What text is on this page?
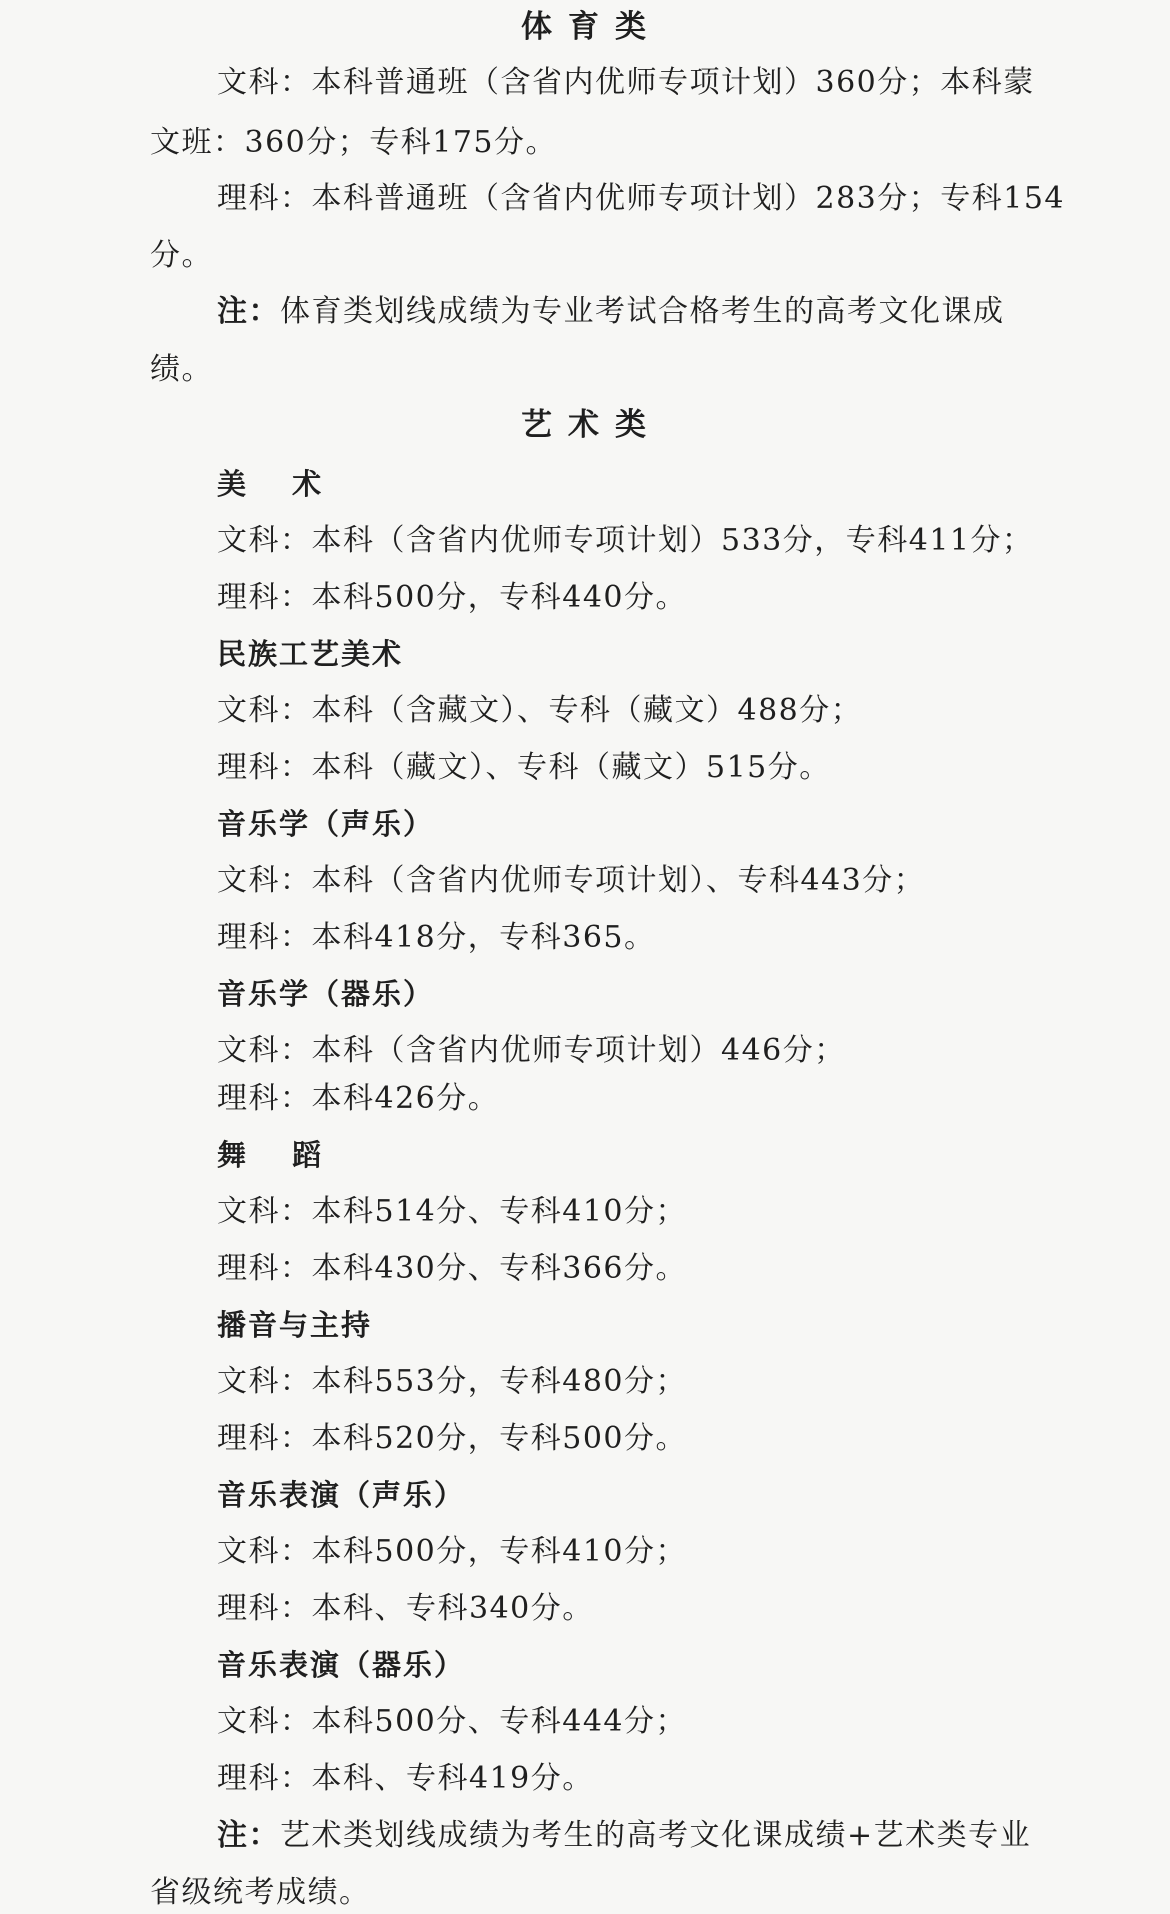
体育类
文科：本科普通班（含省内优师专项计划）360分；本科蒙
文班：360分；专科175分。
理科：本科普通班（含省内优师专项计划）283分；专科154
分。
注：体育类划线成绩为专业考试合格考生的高考文化课成
绩。
艺术类
美 术
文科：本科（含省内优师专项计划）533分，专科411分；
理科：本科500分，专科440分。
民族工艺美术
文科：本科（含藏文）、专科（藏文）488分；
理科：本科（藏文）、专科（藏文）515分。
音乐学（声乐）
文科：本科（含省内优师专项计划）、专科443分；
理科：本科418分，专科365。
音乐学（器乐）
文科：本科（含省内优师专项计划）446分；
理科：本科426分。
舞 蹈
文科：本科514分、专科410分；
理科：本科430分、专科366分。
播音与主持
文科：本科553分，专科480分；
理科：本科520分，专科500分。
音乐表演（声乐）
文科：本科500分，专科410分；
理科：本科、专科340分。
音乐表演（器乐）
文科：本科500分、专科444分；
理科：本科、专科419分。
注：艺术类划线成绩为考生的高考文化课成绩+艺术类专业
省级统考成绩。
